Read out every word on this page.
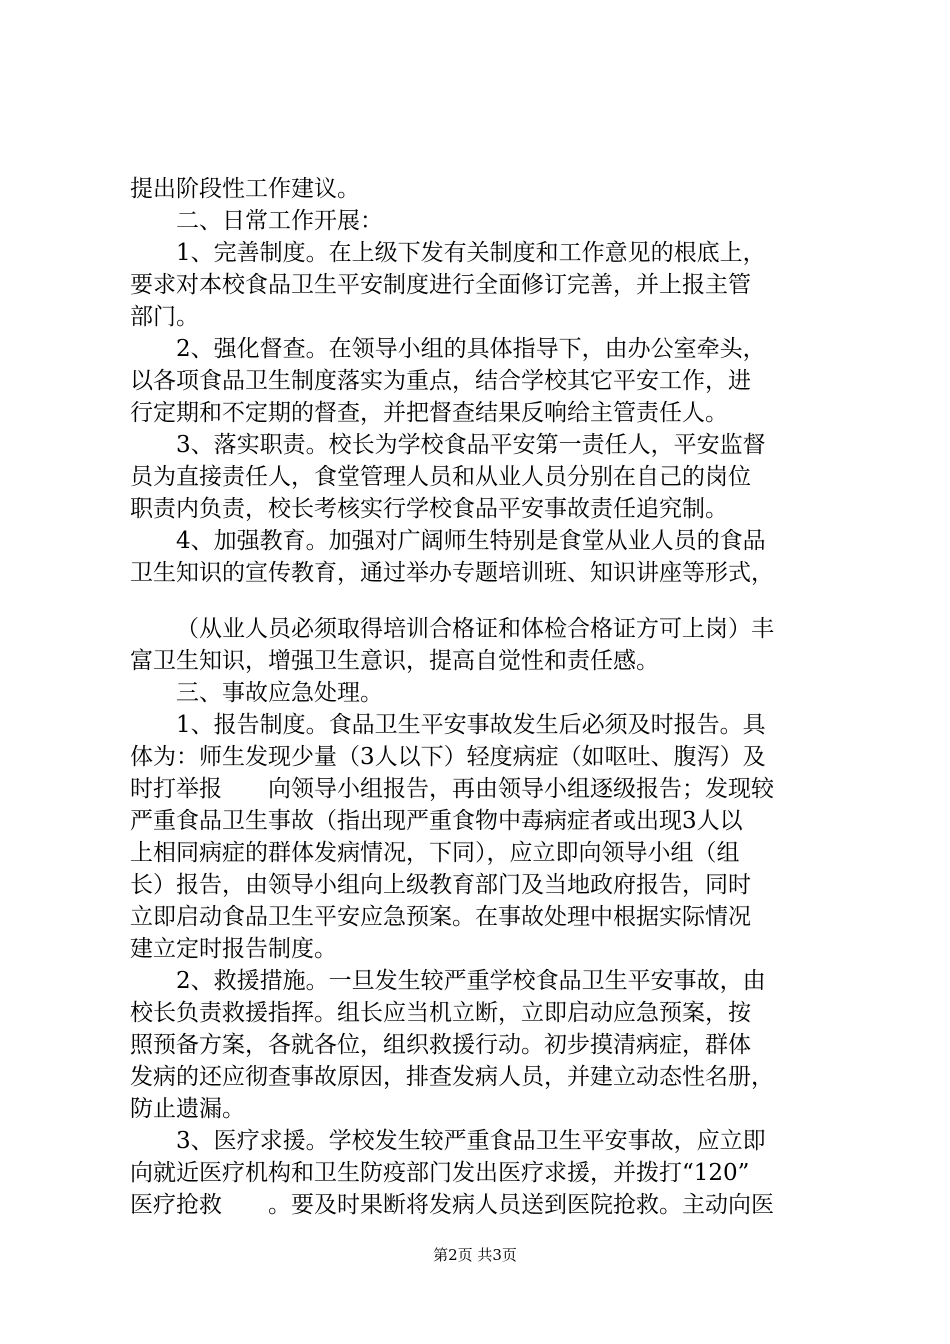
提出阶段性工作建议。
二、日常工作开展：
1、完善制度。在上级下发有关制度和工作意见的根底上，
要求对本校食品卫生平安制度进行全面修订完善，并上报主管
部门。
2、强化督查。在领导小组的具体指导下，由办公室牵头，
以各项食品卫生制度落实为重点，结合学校其它平安工作，进
行定期和不定期的督查，并把督查结果反响给主管责任人。
3、落实职责。校长为学校食品平安第一责任人，平安监督
员为直接责任人，食堂管理人员和从业人员分别在自己的岗位
职责内负责，校长考核实行学校食品平安事故责任追究制。
4、加强教育。加强对广阔师生特别是食堂从业人员的食品
卫生知识的宣传教育，通过举办专题培训班、知识讲座等形式，
（从业人员必须取得培训合格证和体检合格证方可上岗）丰
富卫生知识，增强卫生意识，提高自觉性和责任感。
三、事故应急处理。
1、报告制度。食品卫生平安事故发生后必须及时报告。具
体为：师生发现少量（3人以下）轻度病症（如呕吐、腹泻）及
时打举报　　向领导小组报告，再由领导小组逐级报告；发现较
严重食品卫生事故（指出现严重食物中毒病症者或出现3人以
上相同病症的群体发病情况，下同），应立即向领导小组（组
长）报告，由领导小组向上级教育部门及当地政府报告，同时
立即启动食品卫生平安应急预案。在事故处理中根据实际情况
建立定时报告制度。
2、救援措施。一旦发生较严重学校食品卫生平安事故，由
校长负责救援指挥。组长应当机立断，立即启动应急预案，按
照预备方案，各就各位，组织救援行动。初步摸清病症，群体
发病的还应彻查事故原因，排查发病人员，并建立动态性名册，
防止遗漏。
3、医疗求援。学校发生较严重食品卫生平安事故，应立即
向就近医疗机构和卫生防疫部门发出医疗求援，并拨打“120”
医疗抢救　　。要及时果断将发病人员送到医院抢救。主动向医
第2页 共3页
